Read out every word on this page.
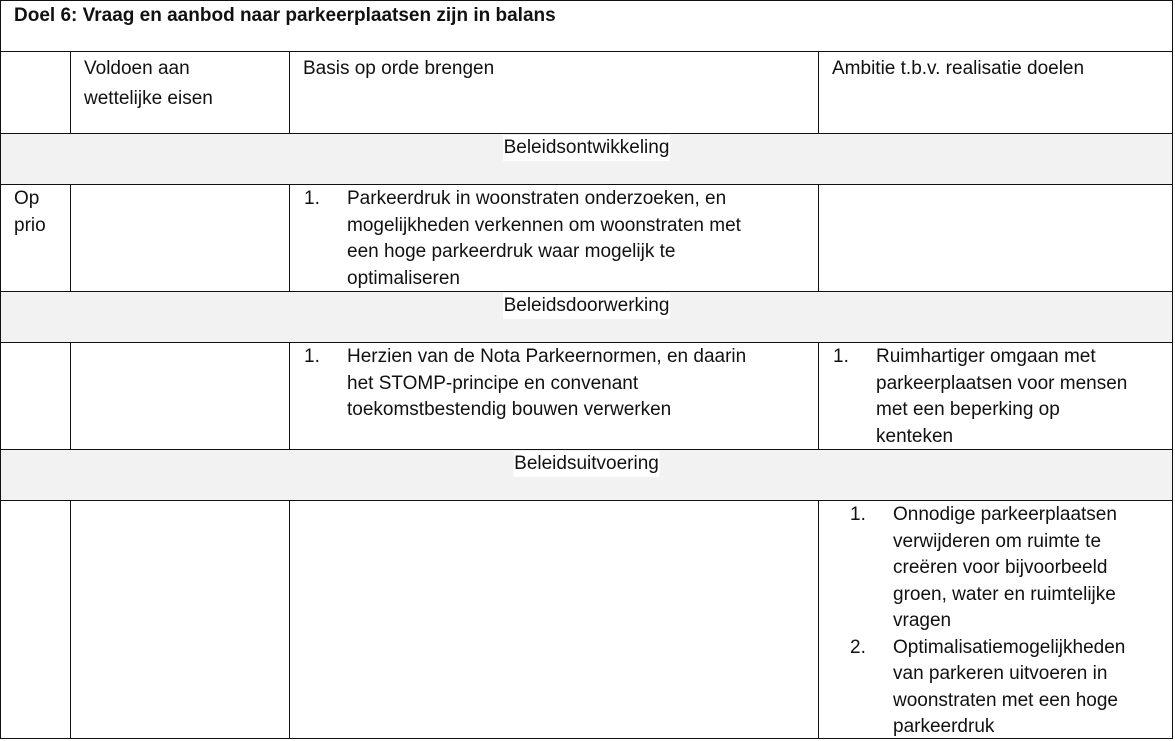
Doel 6: Vraag en aanbod naar parkeerplaatsen zijn in balans
Voldoen aan
wettelijke eisen
Basis op orde brengen	Ambitie t.b.v. realisatie doelen
Beleidsontwikkeling
Op
prio
1. Parkeerdruk in woonstraten onderzoeken, en
mogelijkheden verkennen om woonstraten met
een hoge parkeerdruk waar mogelijk te
optimaliseren
Beleidsdoorwerking
1. Herzien van de Nota Parkeernormen, en daarin
het STOMP-principe en convenant
toekomstbestendig bouwen verwerken
1. Ruimhartiger omgaan met
parkeerplaatsen voor mensen
met een beperking op
kenteken
Beleidsuitvoering
1. Onnodige parkeerplaatsen
verwijderen om ruimte te
creëren voor bijvoorbeeld
groen, water en ruimtelijke
vragen
2. Optimalisatiemogelijkheden
van parkeren uitvoeren in
woonstraten met een hoge
parkeerdruk
